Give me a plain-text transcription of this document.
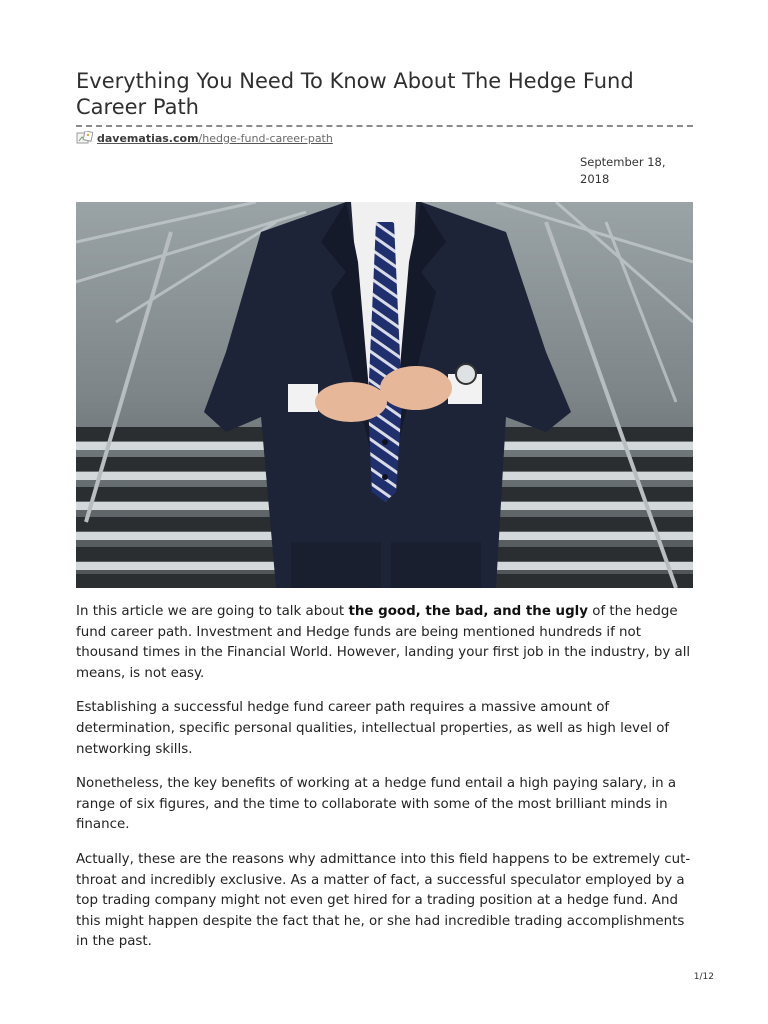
Everything You Need To Know About The Hedge Fund Career Path
davematias.com/hedge-fund-career-path
September 18, 2018

In this article we are going to talk about the good, the bad, and the ugly of the hedge fund career path. Investment and Hedge funds are being mentioned hundreds if not thousand times in the Financial World. However, landing your first job in the industry, by all means, is not easy.

Establishing a successful hedge fund career path requires a massive amount of determination, specific personal qualities, intellectual properties, as well as high level of networking skills.

Nonetheless, the key benefits of working at a hedge fund entail a high paying salary, in a range of six figures, and the time to collaborate with some of the most brilliant minds in finance.

Actually, these are the reasons why admittance into this field happens to be extremely cut-throat and incredibly exclusive. As a matter of fact, a successful speculator employed by a top trading company might not even get hired for a trading position at a hedge fund. And this might happen despite the fact that he, or she had incredible trading accomplishments in the past.

1/12
